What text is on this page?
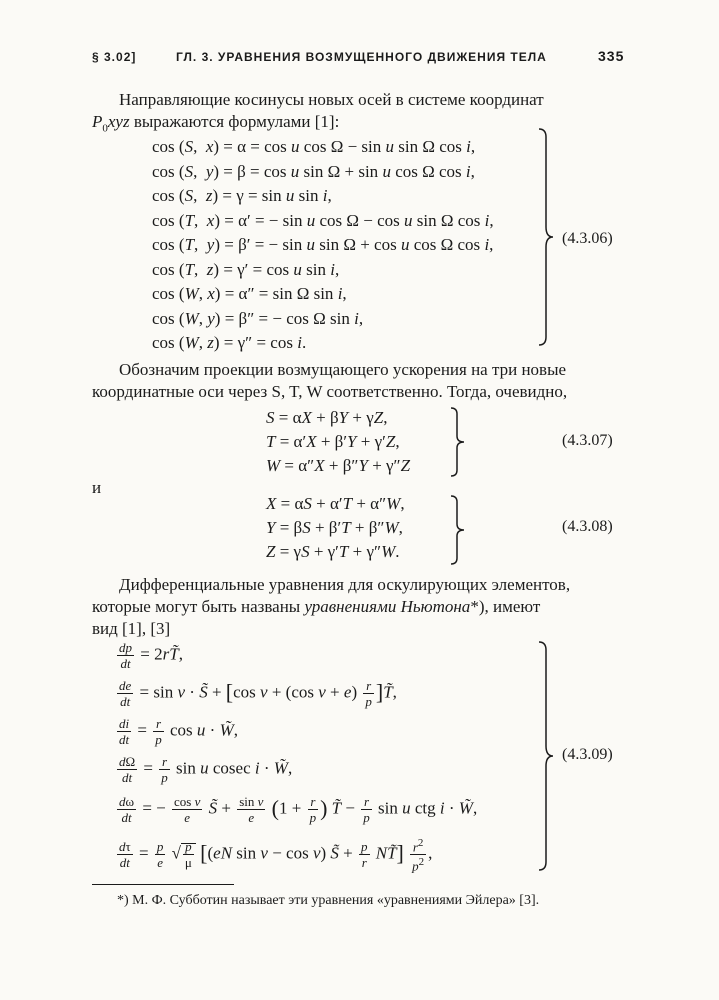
§ 3.02]	ГЛ. 3. УРАВНЕНИЯ ВОЗМУЩЕННОГО ДВИЖЕНИЯ ТЕЛА	335
Направляющие косинусы новых осей в системе координат
$P_0xyz$ выражаются формулами [1]:
cos (S,  x) = α = cos u cos Ω − sin u sin Ω cos i,
cos (S,  y) = β = cos u sin Ω + sin u cos Ω cos i,
cos (S,  z) = γ = sin u sin i,
cos (T,  x) = α′ = − sin u cos Ω − cos u sin Ω cos i,
cos (T,  y) = β′ = − sin u sin Ω + cos u cos Ω cos i,
cos (T,  z) = γ′ = cos u sin i,
cos (W, x) = α″ = sin Ω sin i,
cos (W, y) = β″ = − cos Ω sin i,
cos (W, z) = γ″ = cos i.
(4.3.06)
Обозначим проекции возмущающего ускорения на три новые
координатные оси через S, T, W соответственно. Тогда, очевидно,
S = αX + βY + γZ,
T = α′X + β′Y + γ′Z,
W = α″X + β″Y + γ″Z
(4.3.07)
и
X = αS + α′T + α″W,
Y = βS + β′T + β″W,
Z = γS + γ′T + γ″W.
(4.3.08)
Дифференциальные уравнения для оскулирующих элементов,
которые могут быть названы уравнениями Ньютона*), имеют
вид [1], [3]
$\frac{dp}{dt}$ = 2rT̃,
$\frac{de}{dt} = \sin v$ · S̃ + [cos v + (cos $v + e) \frac{r}{p}$ ]T̃,
$\frac{di}{dt} = \frac{r}{p}$ cos u · W̃,
$\frac{d\Omega}{dt} = \frac{r}{p}$ sin u cosec i · W̃,
$\frac{d\omega}{dt}$ = − $\frac{\text{cos v}}{e}$ S̃ + $\frac{\text{sin v}}{e} (1 + \frac{r}{p}$ ) T̃ − $\frac{r}{p}$ sin u ctg i · W̃,
$\frac{d\tau}{dt} = \frac{p}{e}$ √ $\frac{p}{\mu} [(eN$ sin v − cos v) S̃ + $\frac{p}{r}$ NT̃] $\frac{r^2}{p^2}$ ,
(4.3.09)
*) М. Ф. Субботин называет эти уравнения «уравнениями Эйлера» [3].
